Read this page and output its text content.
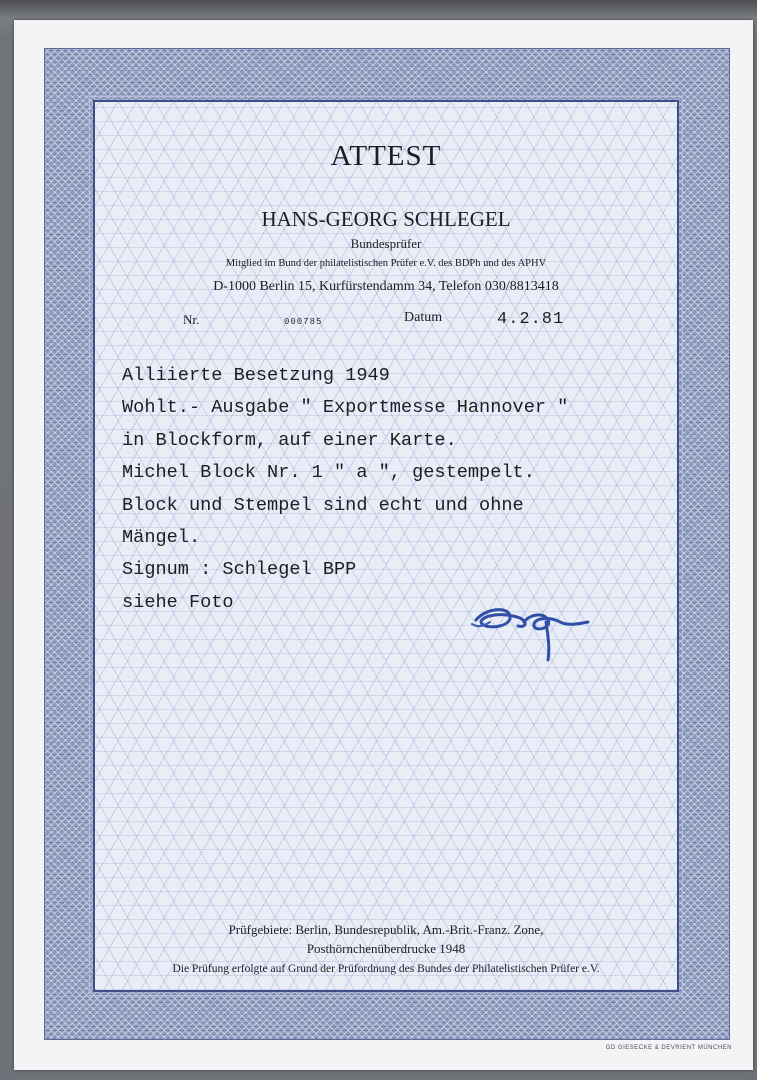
ATTEST
HANS-GEORG SCHLEGEL
Bundesprüfer
Mitglied im Bund der philatelistischen Prüfer e.V. des BDPh und des APHV
D-1000 Berlin 15, Kurfürstendamm 34, Telefon 030/8813418
Nr.	000785	Datum	4.2.81
Alliierte Besetzung 1949
Wohlt.- Ausgabe " Exportmesse Hannover "
in Blockform, auf einer Karte.
Michel Block Nr. 1 " a ", gestempelt.
Block und Stempel sind echt und ohne
Mängel.
Signum : Schlegel BPP
siehe Foto
Prüfgebiete: Berlin, Bundesrepublik, Am.-Brit.-Franz. Zone,
Posthörnchenüberdrucke 1948
Die Prüfung erfolgte auf Grund der Prüfordnung des Bundes der Philatelistischen Prüfer e.V.
GD GIESECKE & DEVRIENT MÜNCHEN
